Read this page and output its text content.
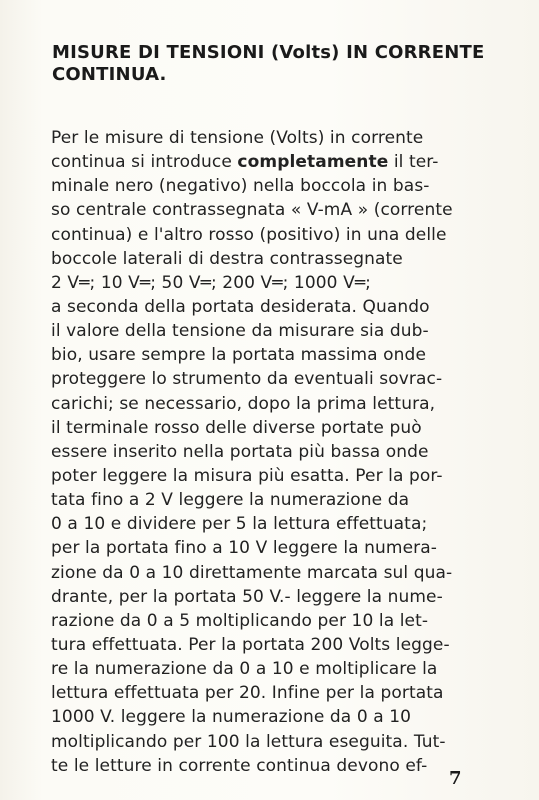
MISURE DI TENSIONI (Volts) IN CORRENTE
CONTINUA.
Per le misure di tensione (Volts) in corrente
continua si introduce completamente il ter-
minale nero (negativo) nella boccola in bas-
so centrale contrassegnata « V-mA » (corrente
continua) e l'altro rosso (positivo) in una delle
boccole laterali di destra contrassegnate
2 V═; 10 V═; 50 V═; 200 V═; 1000 V═;
a seconda della portata desiderata. Quando
il valore della tensione da misurare sia dub-
bio, usare sempre la portata massima onde
proteggere lo strumento da eventuali sovrac-
carichi; se necessario, dopo la prima lettura,
il terminale rosso delle diverse portate può
essere inserito nella portata più bassa onde
poter leggere la misura più esatta. Per la por-
tata fino a 2 V leggere la numerazione da
0 a 10 e dividere per 5 la lettura effettuata;
per la portata fino a 10 V leggere la numera-
zione da 0 a 10 direttamente marcata sul qua-
drante, per la portata 50 V.- leggere la nume-
razione da 0 a 5 moltiplicando per 10 la let-
tura effettuata. Per la portata 200 Volts legge-
re la numerazione da 0 a 10 e moltiplicare la
lettura effettuata per 20. Infine per la portata
1000 V. leggere la numerazione da 0 a 10
moltiplicando per 100 la lettura eseguita. Tut-
te le letture in corrente continua devono ef-
7
